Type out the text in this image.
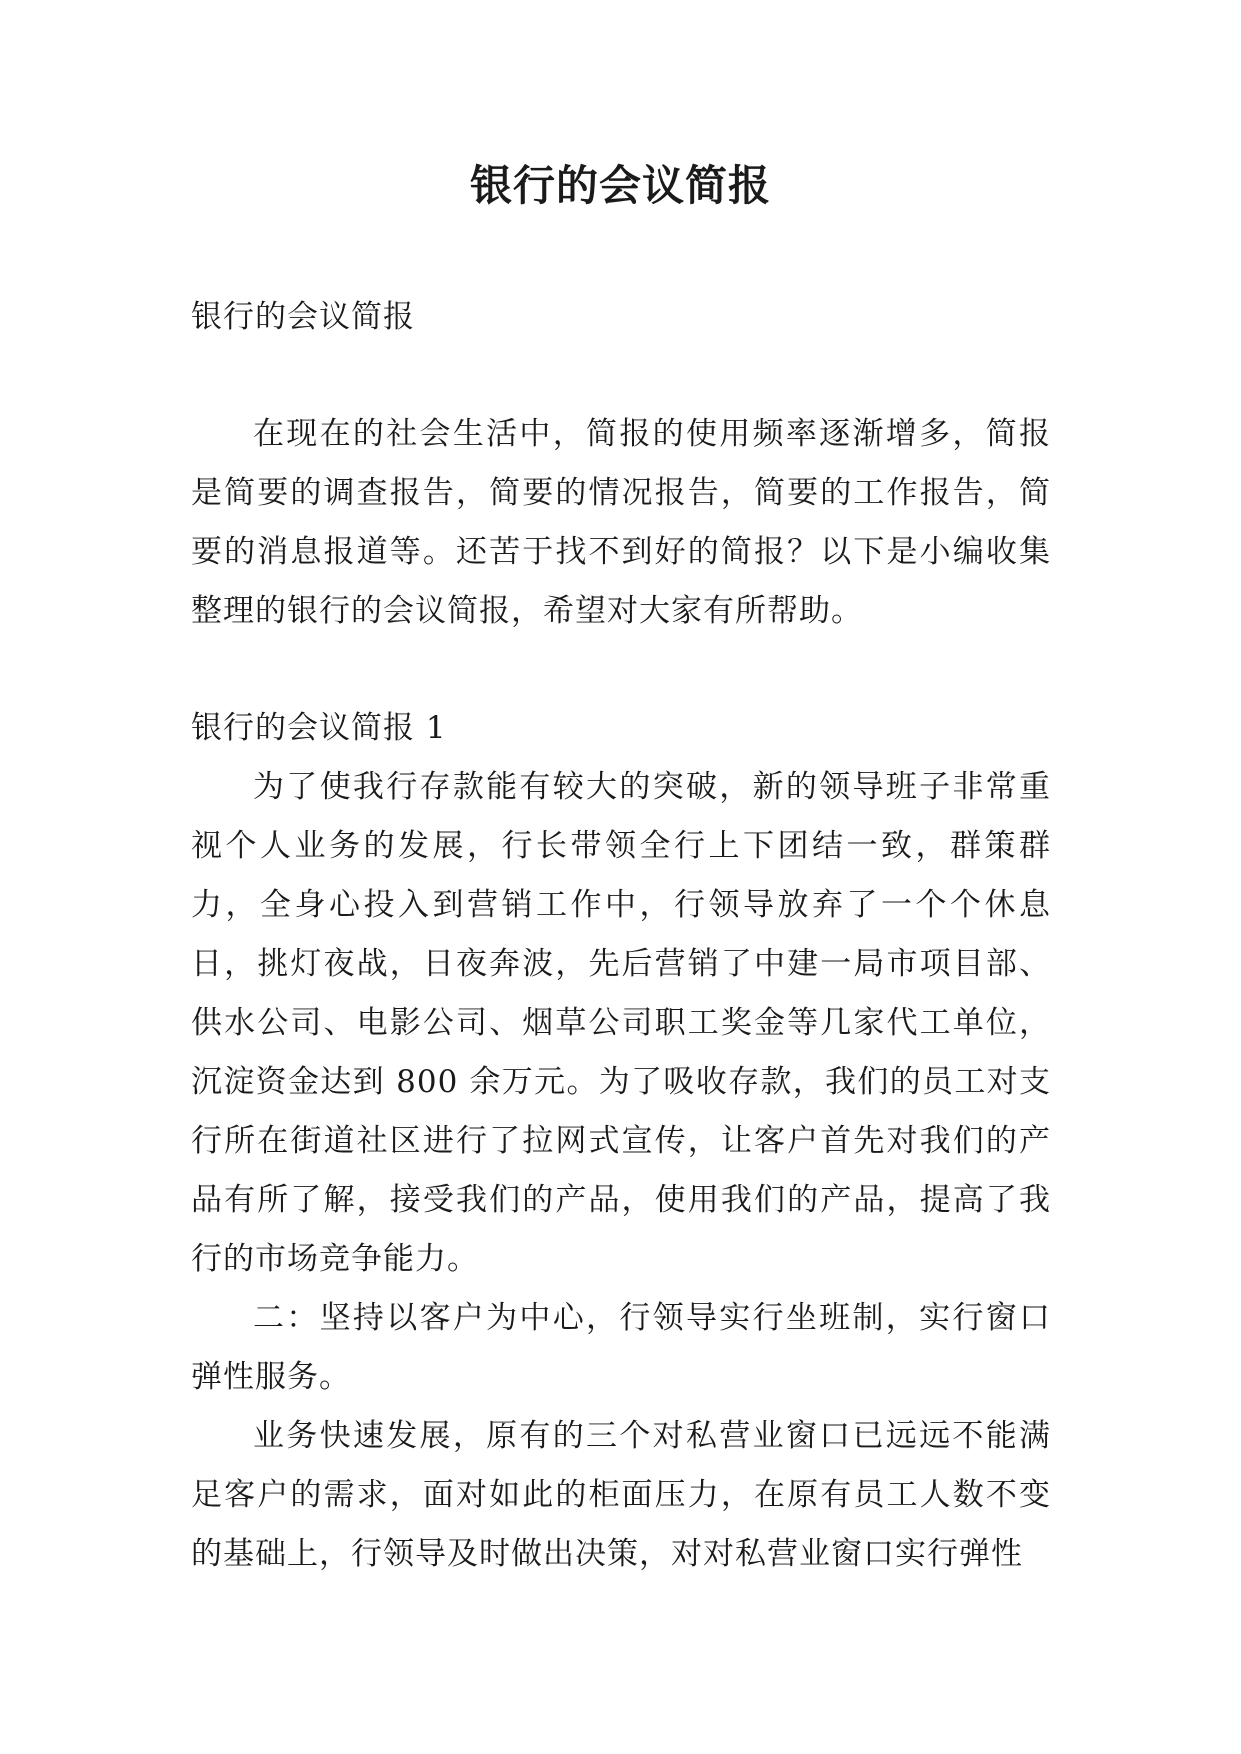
银行的会议简报

银行的会议简报

在现在的社会生活中，简报的使用频率逐渐增多，简报是简要的调查报告，简要的情况报告，简要的工作报告，简要的消息报道等。还苦于找不到好的简报？以下是小编收集整理的银行的会议简报，希望对大家有所帮助。

银行的会议简报 1

为了使我行存款能有较大的突破，新的领导班子非常重视个人业务的发展，行长带领全行上下团结一致，群策群力，全身心投入到营销工作中，行领导放弃了一个个休息日，挑灯夜战，日夜奔波，先后营销了中建一局市项目部、供水公司、电影公司、烟草公司职工奖金等几家代工单位，沉淀资金达到 800 余万元。为了吸收存款，我们的员工对支行所在街道社区进行了拉网式宣传，让客户首先对我们的产品有所了解，接受我们的产品，使用我们的产品，提高了我行的市场竞争能力。

二：坚持以客户为中心，行领导实行坐班制，实行窗口弹性服务。

业务快速发展，原有的三个对私营业窗口已远远不能满足客户的需求，面对如此的柜面压力，在原有员工人数不变的基础上，行领导及时做出决策，对对私营业窗口实行弹性
